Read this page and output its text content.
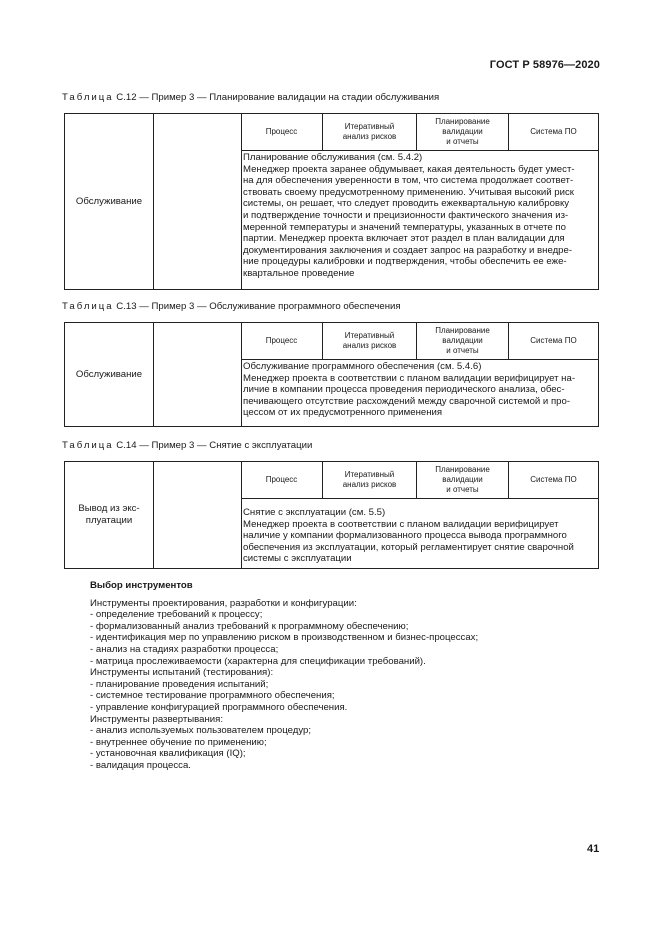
ГОСТ Р 58976—2020
Таблица С.12 — Пример 3 — Планирование валидации на стадии обслуживания
Обслуживание
Процесс
Итеративный
анализ рисков
Планирование
валидации
и отчеты
Система ПО
Планирование обслуживания (см. 5.4.2)
Менеджер проекта заранее обдумывает, какая деятельность будет умест-
на для обеспечения уверенности в том, что система продолжает соответ-
ствовать своему предусмотренному применению. Учитывая высокий риск
системы, он решает, что следует проводить ежеквартальную калибровку
и подтверждение точности и прецизионности фактического значения из-
меренной температуры и значений температуры, указанных в отчете по
партии. Менеджер проекта включает этот раздел в план валидации для
документирования заключения и создает запрос на разработку и внедре-
ние процедуры калибровки и подтверждения, чтобы обеспечить ее ежe-
квартальное проведение
Таблица С.13 — Пример 3 — Обслуживание программного обеспечения
Обслуживание
Процесс
Итеративный
анализ рисков
Планирование
валидации
и отчеты
Система ПО
Обслуживание программного обеспечения (см. 5.4.6)
Менеджер проекта в соответствии с планом валидации верифицирует на-
личие в компании процесса проведения периодического анализа, обес-
печивающего отсутствие расхождений между сварочной системой и про-
цессом от их предусмотренного применения
Таблица С.14 — Пример 3 — Снятие с эксплуатации
Вывод из экс-
плуатации
Процесс
Итеративный
анализ рисков
Планирование
валидации
и отчеты
Система ПО
Снятие с эксплуатации (см. 5.5)
Менеджер проекта в соответствии с планом валидации верифицирует
наличие у компании формализованного процесса вывода программного
обеспечения из эксплуатации, который регламентирует снятие сварочной
системы с эксплуатации
Выбор инструментов
Инструменты проектирования, разработки и конфигурации:
- определение требований к процессу;
- формализованный анализ требований к программному обеспечению;
- идентификация мер по управлению риском в производственном и бизнес-процессах;
- анализ на стадиях разработки процесса;
- матрица прослеживаемости (характерна для спецификации требований).
Инструменты испытаний (тестирования):
- планирование проведения испытаний;
- системное тестирование программного обеспечения;
- управление конфигурацией программного обеспечения.
Инструменты развертывания:
- анализ используемых пользователем процедур;
- внутреннее обучение по применению;
- установочная квалификация (IQ);
- валидация процесса.
41
